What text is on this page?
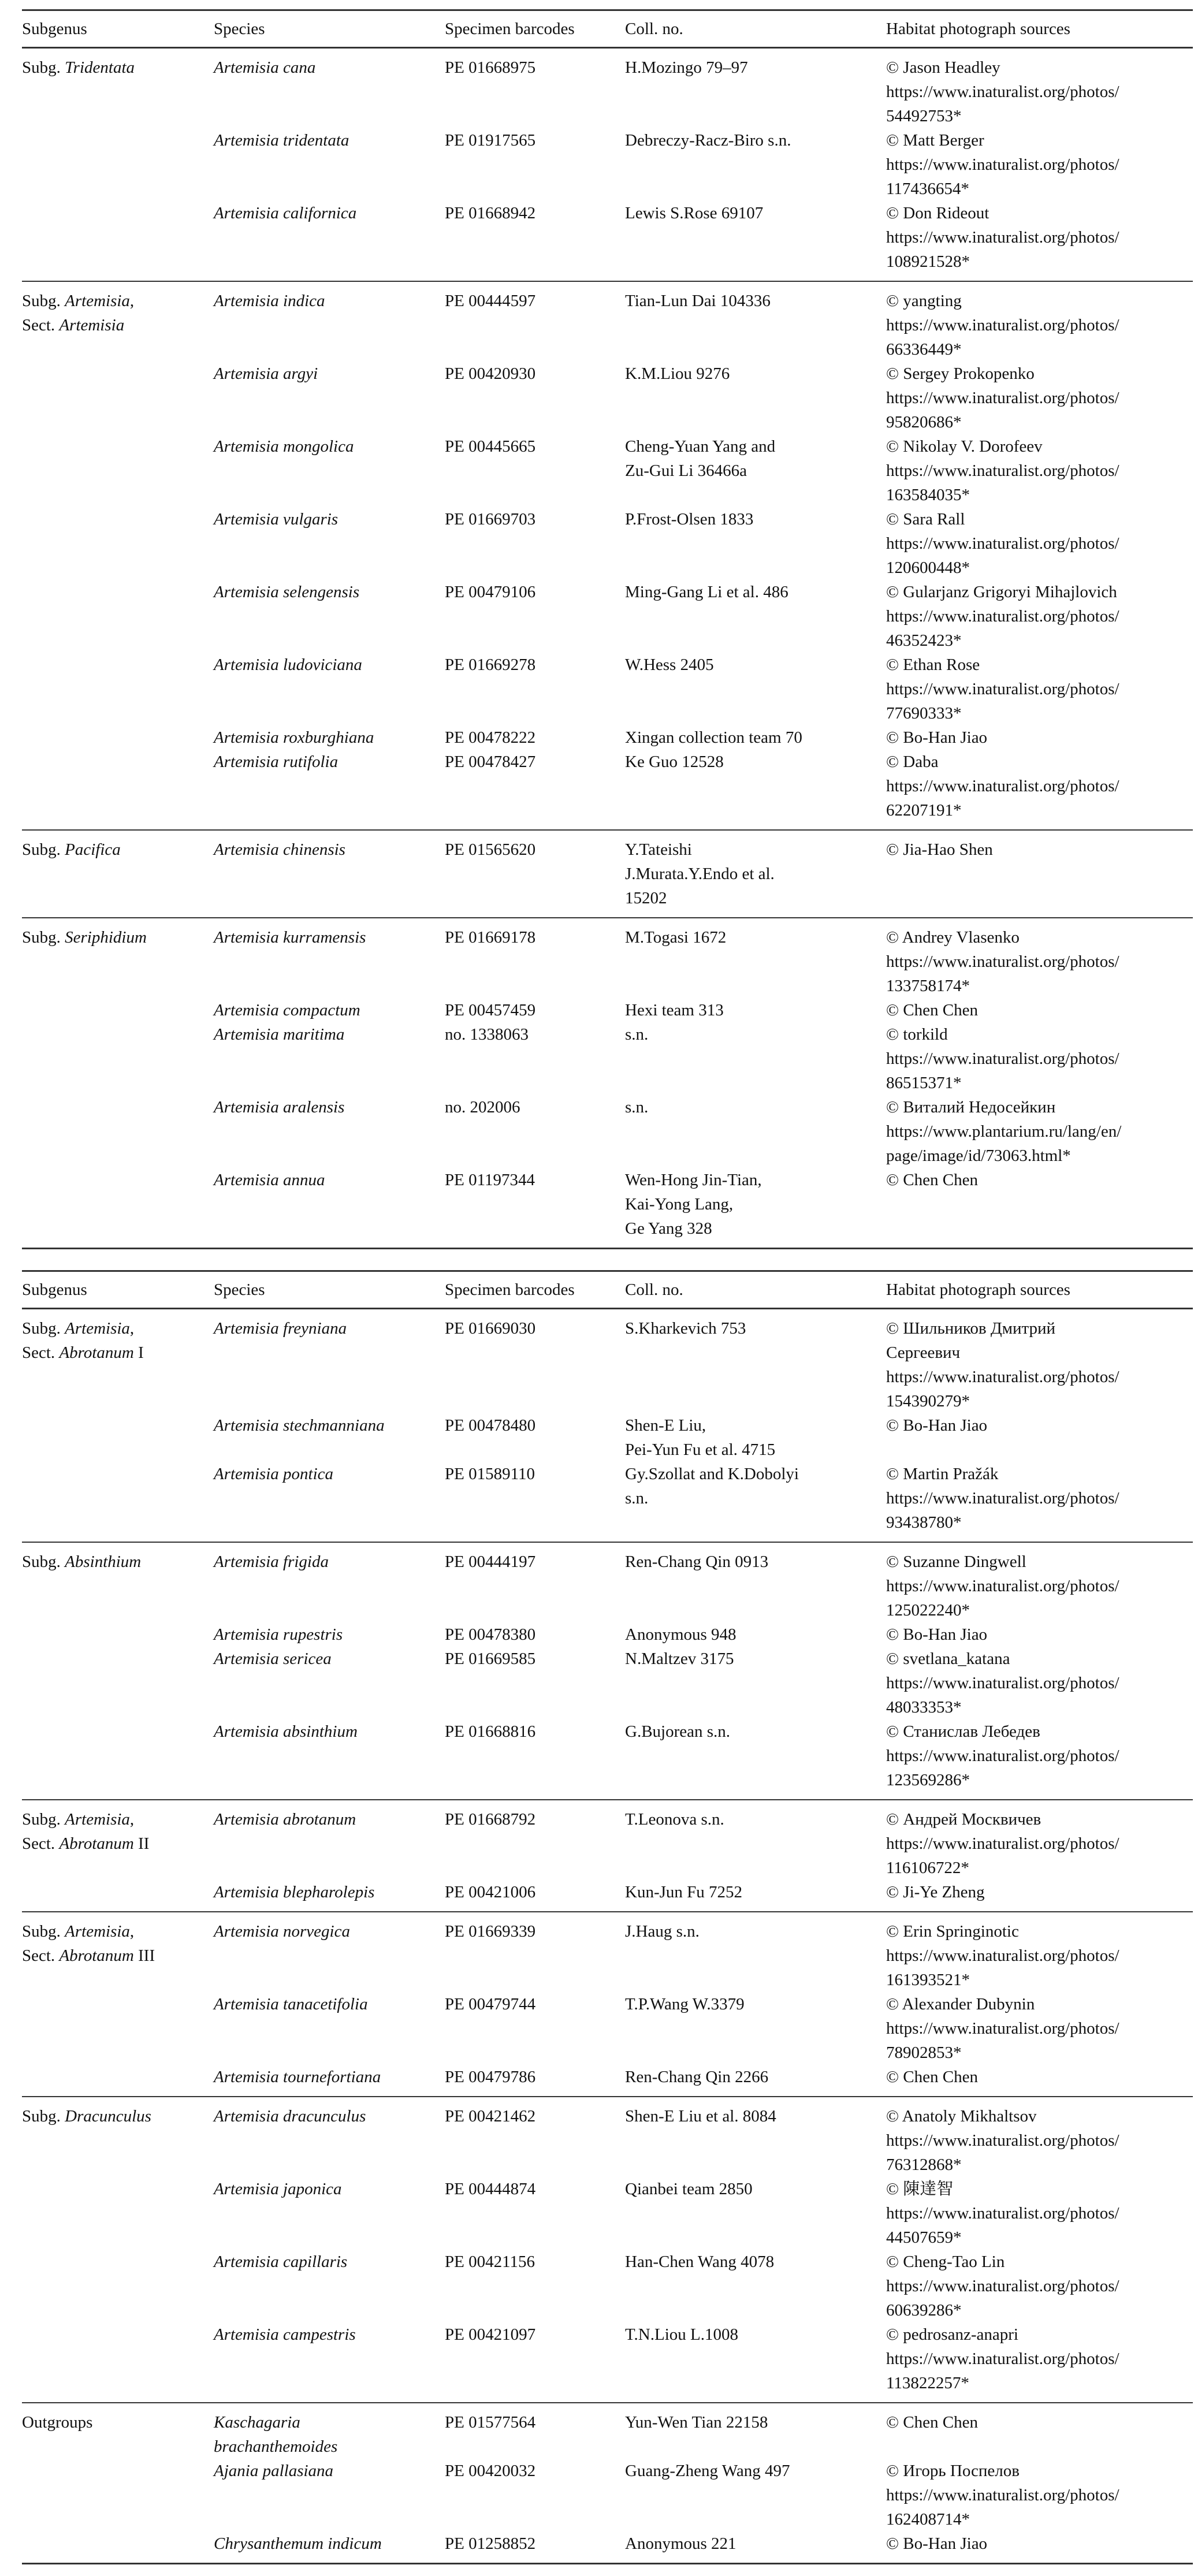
Subgenus	Species	Specimen barcodes	Coll. no.	Habitat photograph sources
Subg. Tridentata	Artemisia cana	PE 01668975	H.Mozingo 79–97	© Jason Headley
https://www.inaturalist.org/photos/
54492753*

	Artemisia tridentata	PE 01917565	Debreczy-Racz-Biro s.n.	© Matt Berger
https://www.inaturalist.org/photos/
117436654*

	Artemisia californica	PE 01668942	Lewis S.Rose 69107	© Don Rideout
https://www.inaturalist.org/photos/
108921528*

Subg. Artemisia,
Sect. Artemisia	Artemisia indica	PE 00444597	Tian-Lun Dai 104336	© yangting
https://www.inaturalist.org/photos/
66336449*

	Artemisia argyi	PE 00420930	K.M.Liou 9276	© Sergey Prokopenko
https://www.inaturalist.org/photos/
95820686*

	Artemisia mongolica	PE 00445665	Cheng-Yuan Yang and
Zu-Gui Li 36466a	© Nikolay V. Dorofeev
https://www.inaturalist.org/photos/
163584035*

	Artemisia vulgaris	PE 01669703	P.Frost-Olsen 1833	© Sara Rall
https://www.inaturalist.org/photos/
120600448*

	Artemisia selengensis	PE 00479106	Ming-Gang Li et al. 486	© Gularjanz Grigoryi Mihajlovich
https://www.inaturalist.org/photos/
46352423*

	Artemisia ludoviciana	PE 01669278	W.Hess 2405	© Ethan Rose
https://www.inaturalist.org/photos/
77690333*

	Artemisia roxburghiana	PE 00478222	Xingan collection team 70	© Bo-Han Jiao

	Artemisia rutifolia	PE 00478427	Ke Guo 12528	© Daba
https://www.inaturalist.org/photos/
62207191*

Subg. Pacifica	Artemisia chinensis	PE 01565620	Y.Tateishi
J.Murata.Y.Endo et al.
15202	© Jia-Hao Shen

Subg. Seriphidium	Artemisia kurramensis	PE 01669178	M.Togasi 1672	© Andrey Vlasenko
https://www.inaturalist.org/photos/
133758174*

	Artemisia compactum	PE 00457459	Hexi team 313	© Chen Chen

	Artemisia maritima	no. 1338063	s.n.	© torkild
https://www.inaturalist.org/photos/
86515371*

	Artemisia aralensis	no. 202006	s.n.	© Виталий Недосейкин
https://www.plantarium.ru/lang/en/
page/image/id/73063.html*

	Artemisia annua	PE 01197344	Wen-Hong Jin-Tian,
Kai-Yong Lang,
Ge Yang 328	© Chen Chen
Subgenus	Species	Specimen barcodes	Coll. no.	Habitat photograph sources
Subg. Artemisia,
Sect. Abrotanum I	Artemisia freyniana	PE 01669030	S.Kharkevich 753	© Шильников Дмитрий
Сергеевич
https://www.inaturalist.org/photos/
154390279*

	Artemisia stechmanniana	PE 00478480	Shen-E Liu,
Pei-Yun Fu et al. 4715	© Bo-Han Jiao

	Artemisia pontica	PE 01589110	Gy.Szollat and K.Dobolyi
s.n.	© Martin Pražák
https://www.inaturalist.org/photos/
93438780*

Subg. Absinthium	Artemisia frigida	PE 00444197	Ren-Chang Qin 0913	© Suzanne Dingwell
https://www.inaturalist.org/photos/
125022240*

	Artemisia rupestris	PE 00478380	Anonymous 948	© Bo-Han Jiao

	Artemisia sericea	PE 01669585	N.Maltzev 3175	© svetlana_katana
https://www.inaturalist.org/photos/
48033353*

	Artemisia absinthium	PE 01668816	G.Bujorean s.n.	© Станислав Лебедев
https://www.inaturalist.org/photos/
123569286*

Subg. Artemisia,
Sect. Abrotanum II	Artemisia abrotanum	PE 01668792	T.Leonova s.n.	© Андрей Москвичев
https://www.inaturalist.org/photos/
116106722*

	Artemisia blepharolepis	PE 00421006	Kun-Jun Fu 7252	© Ji-Ye Zheng

Subg. Artemisia,
Sect. Abrotanum III	Artemisia norvegica	PE 01669339	J.Haug s.n.	© Erin Springinotic
https://www.inaturalist.org/photos/
161393521*

	Artemisia tanacetifolia	PE 00479744	T.P.Wang W.3379	© Alexander Dubynin
https://www.inaturalist.org/photos/
78902853*

	Artemisia tournefortiana	PE 00479786	Ren-Chang Qin 2266	© Chen Chen

Subg. Dracunculus	Artemisia dracunculus	PE 00421462	Shen-E Liu et al. 8084	© Anatoly Mikhaltsov
https://www.inaturalist.org/photos/
76312868*

	Artemisia japonica	PE 00444874	Qianbei team 2850	© 陳達智
https://www.inaturalist.org/photos/
44507659*

	Artemisia capillaris	PE 00421156	Han-Chen Wang 4078	© Cheng-Tao Lin
https://www.inaturalist.org/photos/
60639286*

	Artemisia campestris	PE 00421097	T.N.Liou L.1008	© pedrosanz-anapri
https://www.inaturalist.org/photos/
113822257*

Outgroups	Kaschagaria
brachanthemoides	PE 01577564	Yun-Wen Tian 22158	© Chen Chen

	Ajania pallasiana	PE 00420032	Guang-Zheng Wang 497	© Игорь Поспелов
https://www.inaturalist.org/photos/
162408714*

	Chrysanthemum indicum	PE 01258852	Anonymous 221	© Bo-Han Jiao
